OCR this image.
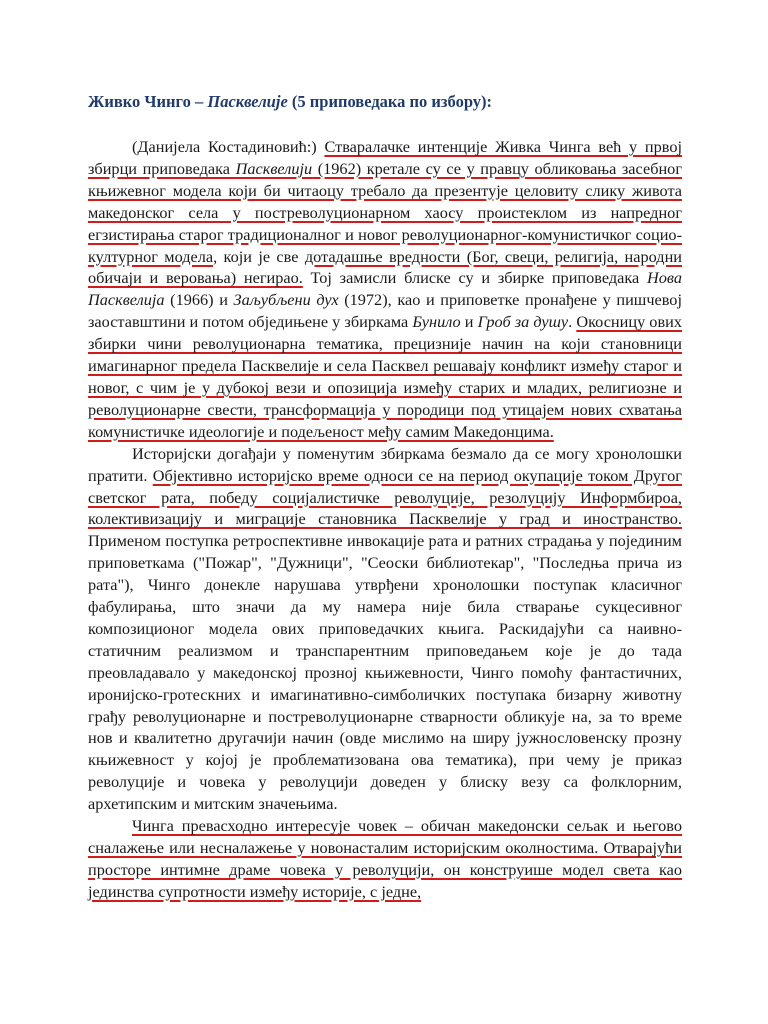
Живко Чинго – Пасквелије (5 приповедака по избору):

(Данијела Костадиновић:) Стваралачке интенције Живка Чинга већ у првој збирци приповедака Пасквелији (1962) кретале су се у правцу обликовања засебног књижевног модела који би читаоцу требало да презентује целовиту слику живота македонског села у постреволуционарном хаосу проистеклом из напредног егзистирања старог традиционалног и новог револуционарног-комунистичког социо-културног модела, који је све дотадашње вредности (Бог, свеци, религија, народни обичаји и веровања) негирао. Тој замисли блиске су и збирке приповедака Нова Пасквелија (1966) и Заљубљени дух (1972), као и приповетке пронађене у пишчевој заоставштини и потом обједињене у збиркама Бунило и Гроб за душу. Окосницу ових збирки чини револуционарна тематика, прецизније начин на који становници имагинарног предела Пасквелије и села Пасквел решавају конфликт између старог и новог, с чим је у дубокој вези и опозиција између старих и младих, религиозне и револуционарне свести, трансформација у породици под утицајем нових схватања комунистичке идеологије и подељеност међу самим Македонцима.

Историјски догађаји у поменутим збиркама безмало да се могу хронолошки пратити. Објективно историјско време односи се на период окупације током Другог светског рата, победу социјалистичке револуције, резолуцију Информбироа, колективизацију и миграције становника Пасквелије у град и иностранство. Применом поступка ретроспективне инвокације рата и ратних страдања у појединим приповеткама ("Пожар", "Дужници", "Сеоски библиотекар", "Последња прича из рата"), Чинго донекле нарушава утврђени хронолошки поступак класичног фабулирања, што значи да му намера није била стварање сукцесивног композиционог модела ових приповедачких књига. Раскидајући са наивно-статичним реализмом и транспарентним приповедањем које је до тада преовладавало у македонској прозној књижевности, Чинго помоћу фантастичних, иронијско-гротескних и имагинативно-симболичких поступака бизарну животну грађу револуционарне и постреволуционарне стварности обликује на, за то време нов и квалитетно другачији начин (овде мислимо на ширу јужнословенску прозну књижевност у којој је проблематизована ова тематика), при чему је приказ револуције и човека у револуцији доведен у блиску везу са фолклорним, архетипским и митским значењима.

Чинга превасходно интересује човек – обичан македонски сељак и његово сналажење или несналажење у новонасталим историјским околностима. Отварајући просторе интимне драме човека у револуцији, он конструише модел света као јединства супротности између историје, с једне,
